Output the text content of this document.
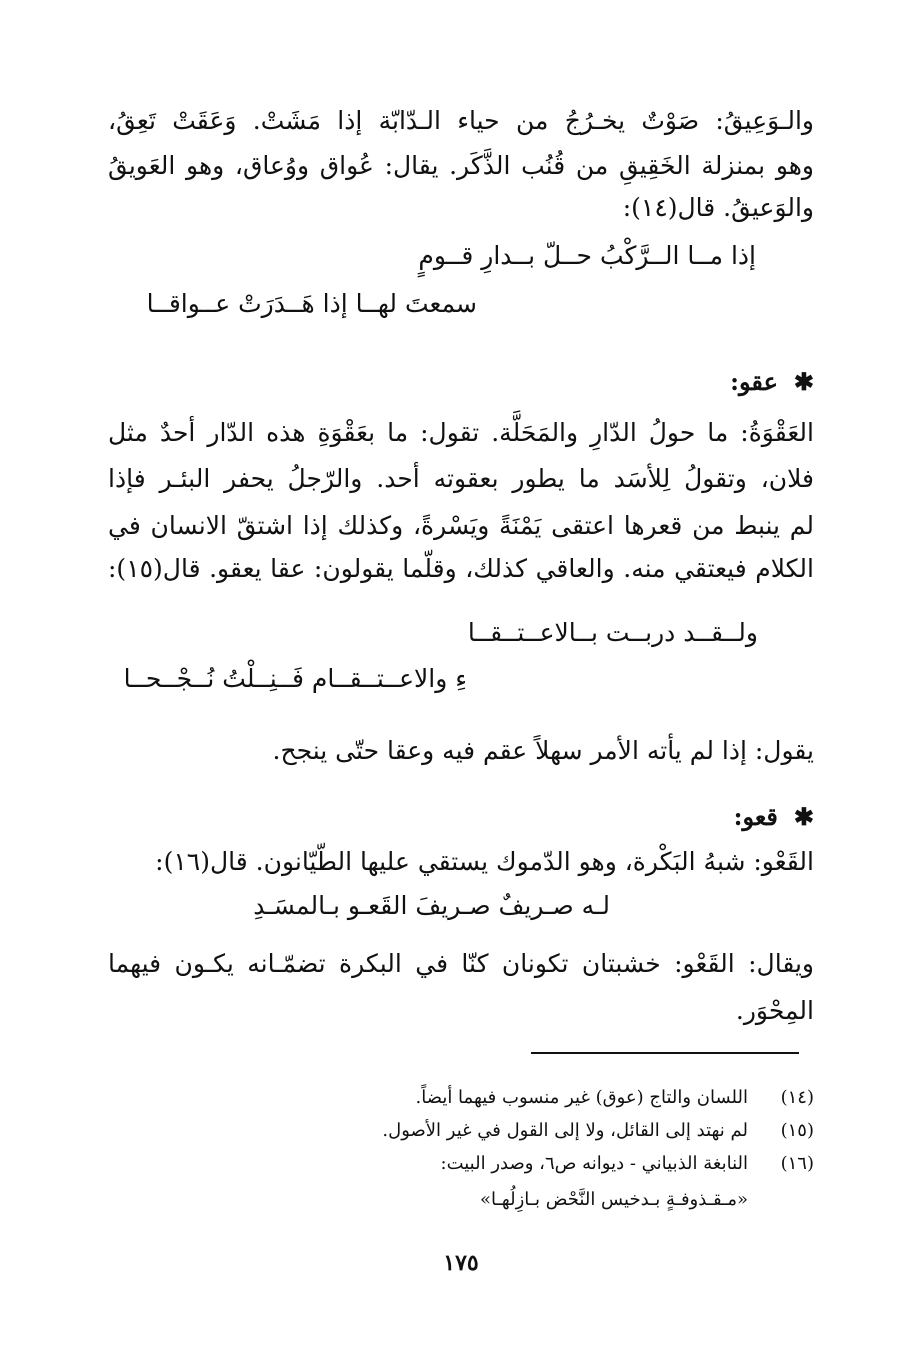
والـوَعِيقُ: صَوْتٌ يخـرُجُ من حياء الـدّابّة إذا مَشَتْ. وَعَقَتْ تَعِقُ،
وهو بمنزلة الخَقِيقِ من قُنُب الذَّكَر. يقال: عُواق ووُعاق، وهو العَويقُ
والوَعيقُ. قال(١٤):
إذا مــا الــرَّكْبُ حــلّ بــدارِ قــومٍ
سمعتَ لهــا إذا هَــدَرَتْ عــواقــا
✱عقو:
العَقْوَةُ: ما حولُ الدّارِ والمَحَلَّة. تقول: ما بعَقْوَةِ هذه الدّار أحدٌ مثل
فلان، وتقولُ لِلأسَد ما يطور بعقوته أحد. والرّجلُ يحفر البئـر فإذا
لم ينبط من قعرها اعتقى يَمْنَةً ويَسْرةً، وكذلك إذا اشتقّ الانسان في
الكلام فيعتقي منه. والعاقي كذلك، وقلّما يقولون: عقا يعقو. قال(١٥):
ولــقــد دربــت بــالاعــتــقــا
ءِ والاعــتــقــام فَــنِــلْتُ نُــجْــحــا
يقول: إذا لم يأته الأمر سهلاً عقم فيه وعقا حتّى ينجح.
✱قعو:
القَعْو: شبهُ البَكْرة، وهو الدّموك يستقي عليها الطّيّانون. قال(١٦):
لـه صـريفٌ صـريفَ القَعـو بـالمسَـدِ
ويقال: القَعْو: خشبتان تكونان كنّا في البكرة تضمّـانه يكـون فيهما
المِحْوَر.
(١٤)اللسان والتاج (عوق) غير منسوب فيهما أيضاً.
(١٥)لم نهتد إلى القائل، ولا إلى القول في غير الأصول.
(١٦)النابغة الذبياني - ديوانه ص٦، وصدر البيت:
«مـقـذوفـةٍ بـدخيس النَّحْض بـازِلُهـا»
١٧٥
